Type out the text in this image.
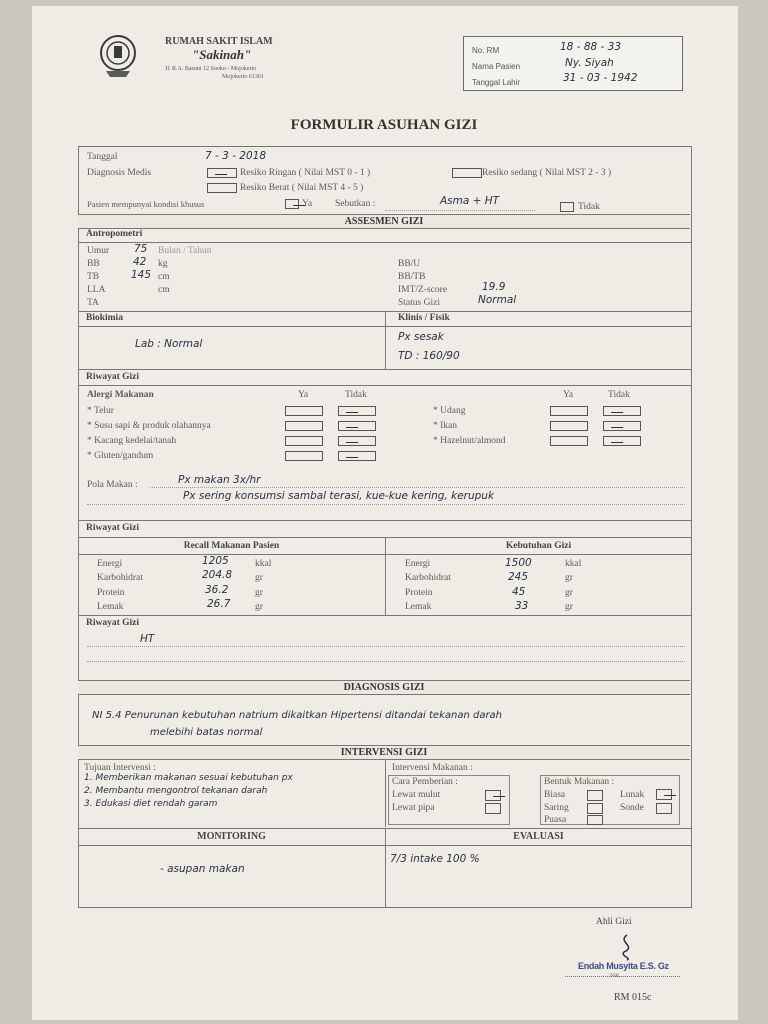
RUMAH SAKIT ISLAM
"Sakinah"
Jl. R.A. Basuni 12 Sooko - Mojokerto
Mojokerto 61361
No. RM	18 - 88 - 33
Nama Pasien	Ny. Siyah
Tanggal Lahir	31 - 03 - 1942
FORMULIR ASUHAN GIZI
Tanggal	7 - 3 - 2018
Diagnosis Medis	Resiko Ringan ( Nilai MST 0 - 1 )	Resiko sedang ( Nilai MST 2 - 3 )
Resiko Berat ( Nilai MST 4 - 5 )
Pasien mempunyai kondisi khusus	Ya Sebutkan :	Asma + HT	Tidak
ASSESMEN GIZI
Antropometri
Umur 75 Bulan / Tahun
BB	42 kg
TB	145 cm
LLA	cm
TA
BB/U
BB/TB
IMT/Z-score	19.9
Status Gizi	Normal
Biokimia	Klinis / Fisik
Lab : Normal
Px sesak
TD : 160/90
Riwayat Gizi
Alergi Makanan	Ya	Tidak	Ya	Tidak
* Telur
* Susu sapi & produk olahannya
* Kacang kedelai/tanah
* Gluten/gandum
* Udang
* Ikan
* Hazelnut/almond
Pola Makan :	Px makan 3x/hr
Px sering konsumsi sambal terasi, kue-kue kering, kerupuk
Riwayat Gizi
Recall Makanan Pasien	Kebutuhan Gizi
Energi	1205	kkal	Energi	1500	kkal
Karbohidrat	204.8 gr	Karbohidrat	245	gr
Protein	36.2	gr	Protein	45	gr
Lemak	26.7	gr	Lemak	33	gr
Riwayat Gizi
HT
DIAGNOSIS GIZI
NI 5.4 Penurunan kebutuhan natrium dikaitkan Hipertensi ditandai tekanan darah
melebihi batas normal
INTERVENSI GIZI
Tujuan Intervensi :
1. Memberikan makanan sesuai kebutuhan px
2. Membantu mengontrol tekanan darah
3. Edukasi diet rendah garam
Intervensi Makanan :
Cara Pemberian :
Lewat mulut
Lewat pipa
Bentuk Makanan :
Biasa	Lunak
Saring	Sonde
Puasa
MONITORING	EVALUASI
- asupan makan
7/3 intake 100 %
Ahli Gizi
Endah Musyita E.S. Gz
NIK. ....
RM 015c
